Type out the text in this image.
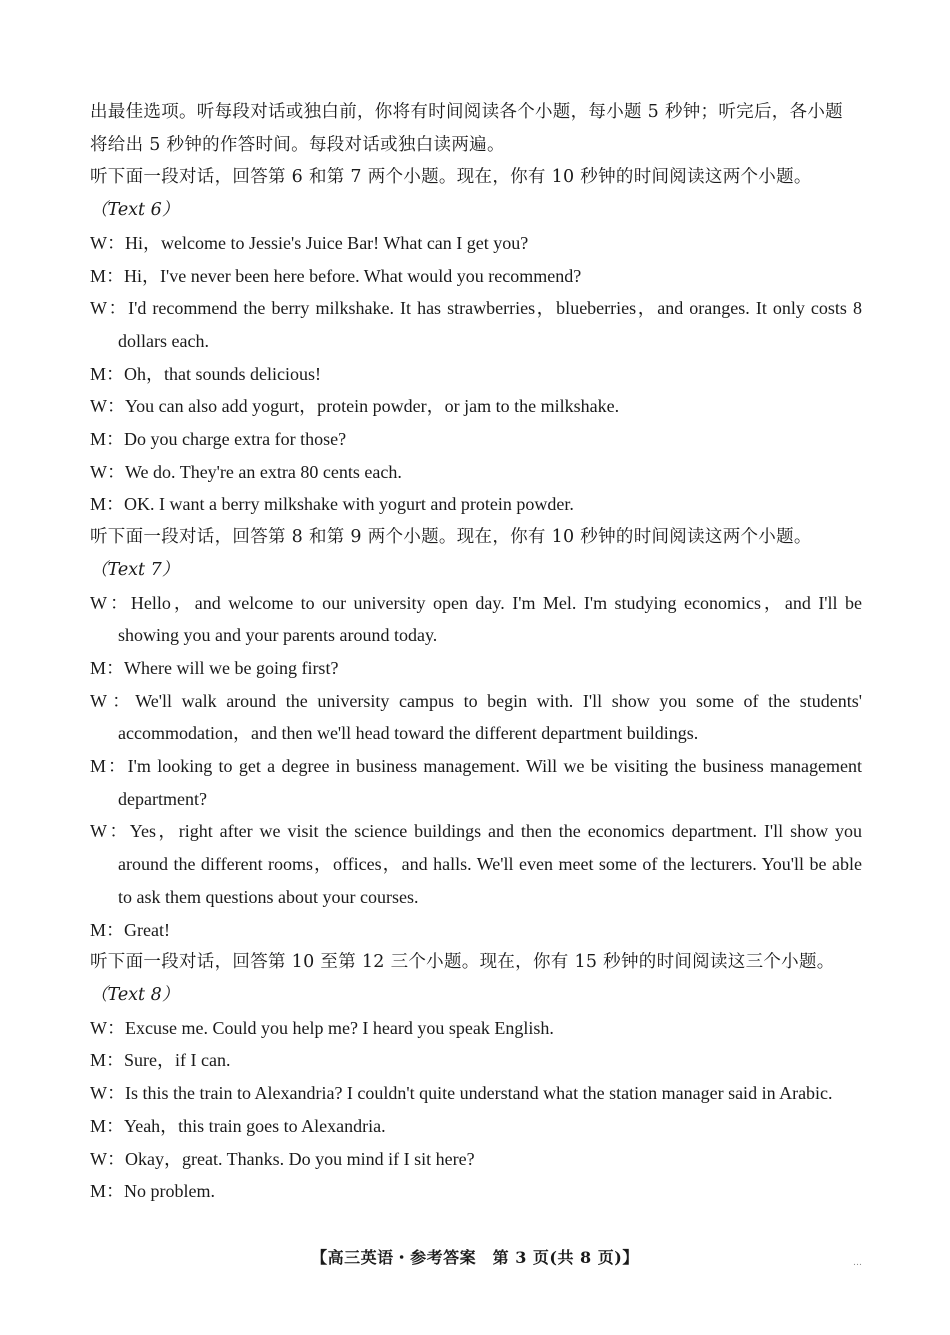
出最佳选项。听每段对话或独白前，你将有时间阅读各个小题，每小题 5 秒钟；听完后，各小题
将给出 5 秒钟的作答时间。每段对话或独白读两遍。
听下面一段对话，回答第 6 和第 7 两个小题。现在，你有 10 秒钟的时间阅读这两个小题。
（Text 6）
W：Hi，welcome to Jessie's Juice Bar! What can I get you?
M：Hi，I've never been here before. What would you recommend?
W：I'd recommend the berry milkshake. It has strawberries，blueberries，and oranges. It only costs 8 dollars each.
M：Oh，that sounds delicious!
W：You can also add yogurt，protein powder，or jam to the milkshake.
M：Do you charge extra for those?
W：We do. They're an extra 80 cents each.
M：OK. I want a berry milkshake with yogurt and protein powder.
听下面一段对话，回答第 8 和第 9 两个小题。现在，你有 10 秒钟的时间阅读这两个小题。
（Text 7）
W：Hello，and welcome to our university open day. I'm Mel. I'm studying economics，and I'll be showing you and your parents around today.
M：Where will we be going first?
W：We'll walk around the university campus to begin with. I'll show you some of the students' accommodation，and then we'll head toward the different department buildings.
M：I'm looking to get a degree in business management. Will we be visiting the business management department?
W：Yes，right after we visit the science buildings and then the economics department. I'll show you around the different rooms，offices，and halls. We'll even meet some of the lecturers. You'll be able to ask them questions about your courses.
M：Great!
听下面一段对话，回答第 10 至第 12 三个小题。现在，你有 15 秒钟的时间阅读这三个小题。
（Text 8）
W：Excuse me. Could you help me? I heard you speak English.
M：Sure，if I can.
W：Is this the train to Alexandria? I couldn't quite understand what the station manager said in Arabic.
M：Yeah，this train goes to Alexandria.
W：Okay，great. Thanks. Do you mind if I sit here?
M：No problem.
【高三英语・参考答案　第 3 页(共 8 页)】	…
